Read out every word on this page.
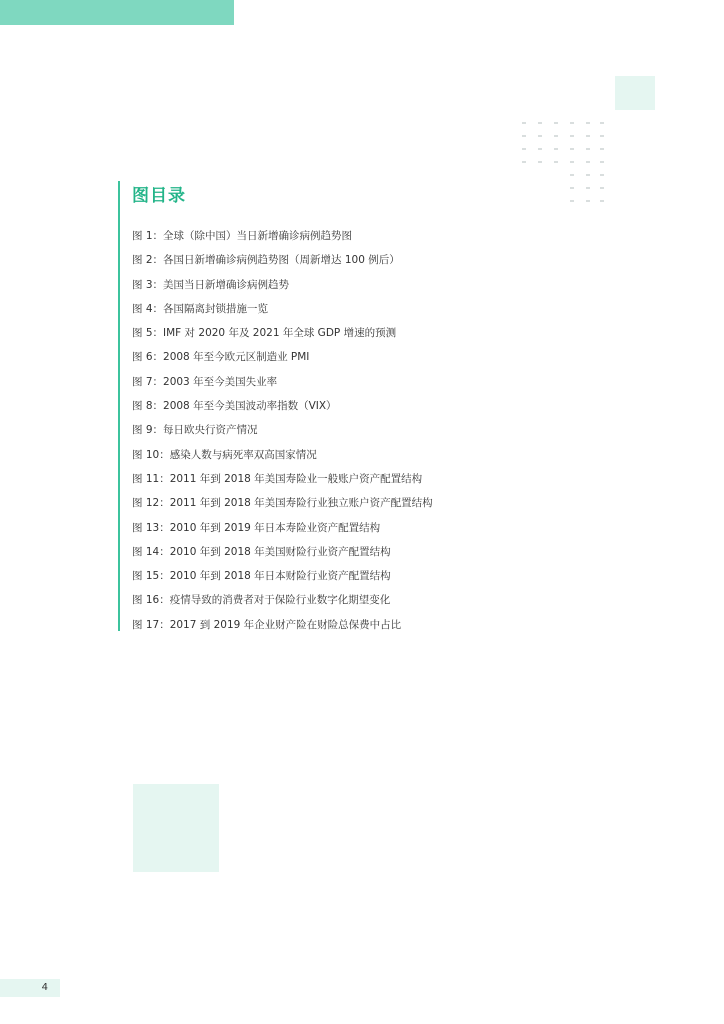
图目录
图 1：全球（除中国）当日新增确诊病例趋势图
图 2：各国日新增确诊病例趋势图（周新增达 100 例后）
图 3：美国当日新增确诊病例趋势
图 4：各国隔离封锁措施一览
图 5：IMF 对 2020 年及 2021 年全球 GDP 增速的预测
图 6：2008 年至今欧元区制造业 PMI
图 7：2003 年至今美国失业率
图 8：2008 年至今美国波动率指数（VIX）
图 9：每日欧央行资产情况
图 10：感染人数与病死率双高国家情况
图 11：2011 年到 2018 年美国寿险业一般账户资产配置结构
图 12：2011 年到 2018 年美国寿险行业独立账户资产配置结构
图 13：2010 年到 2019 年日本寿险业资产配置结构
图 14：2010 年到 2018 年美国财险行业资产配置结构
图 15：2010 年到 2018 年日本财险行业资产配置结构
图 16：疫情导致的消费者对于保险行业数字化期望变化
图 17：2017 到 2019 年企业财产险在财险总保费中占比
4
